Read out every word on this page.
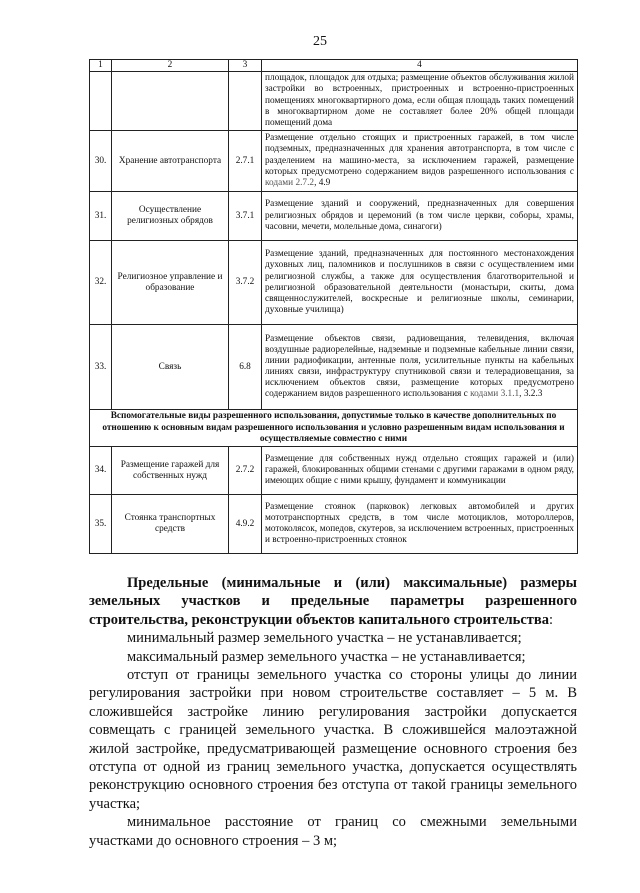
25
1	2	3	4
			площадок, площадок для отдыха; размещение объектов обслуживания жилой застройки во встроенных, пристроенных и встроенно-пристроенных помещениях многоквартирного дома, если общая площадь таких помещений в многоквартирном доме не составляет более 20% общей площади помещений дома
30.	Хранение автотранспорта	2.7.1	Размещение отдельно стоящих и пристроенных гаражей, в том числе подземных, предназначенных для хранения автотранспорта, в том числе с разделением на машино-места, за исключением гаражей, размещение которых предусмотрено содержанием видов разрешенного использования с кодами 2.7.2, 4.9
31.	Осуществление религиозных обрядов	3.7.1	Размещение зданий и сооружений, предназначенных для совершения религиозных обрядов и церемоний (в том числе церкви, соборы, храмы, часовни, мечети, молельные дома, синагоги)
32.	Религиозное управление и образование	3.7.2	Размещение зданий, предназначенных для постоянного местонахождения духовных лиц, паломников и послушников в связи с осуществлением ими религиозной службы, а также для осуществления благотворительной и религиозной образовательной деятельности (монастыри, скиты, дома священнослужителей, воскресные и религиозные школы, семинарии, духовные училища)
33.	Связь	6.8	Размещение объектов связи, радиовещания, телевидения, включая воздушные радиорелейные, надземные и подземные кабельные линии связи, линии радиофикации, антенные поля, усилительные пункты на кабельных линиях связи, инфраструктуру спутниковой связи и телерадиовещания, за исключением объектов связи, размещение которых предусмотрено содержанием видов разрешенного использования с кодами 3.1.1, 3.2.3
Вспомогательные виды разрешенного использования, допустимые только в качестве дополнительных по отношению к основным видам разрешенного использования и условно разрешенным видам использования и осуществляемые совместно с ними			
34.	Размещение гаражей для собственных нужд	2.7.2	Размещение для собственных нужд отдельно стоящих гаражей и (или) гаражей, блокированных общими стенами с другими гаражами в одном ряду, имеющих общие с ними крышу, фундамент и коммуникации
35.	Стоянка транспортных средств	4.9.2	Размещение стоянок (парковок) легковых автомобилей и других мототранспортных средств, в том числе мотоциклов, мотороллеров, мотоколясок, мопедов, скутеров, за исключением встроенных, пристроенных и встроенно-пристроенных стоянок

Предельные (минимальные и (или) максимальные) размеры земельных участков и предельные параметры разрешенного строительства, реконструкции объектов капитального строительства:

минимальный размер земельного участка – не устанавливается;

максимальный размер земельного участка – не устанавливается;

отступ от границы земельного участка со стороны улицы до линии регулирования застройки при новом строительстве составляет – 5 м. В сложившейся застройке линию регулирования застройки допускается совмещать с границей земельного участка. В сложившейся малоэтажной жилой застройке, предусматривающей размещение основного строения без отступа от одной из границ земельного участка, допускается осуществлять реконструкцию основного строения без отступа от такой границы земельного участка;

минимальное расстояние от границ со смежными земельными участками до основного строения – 3 м;
